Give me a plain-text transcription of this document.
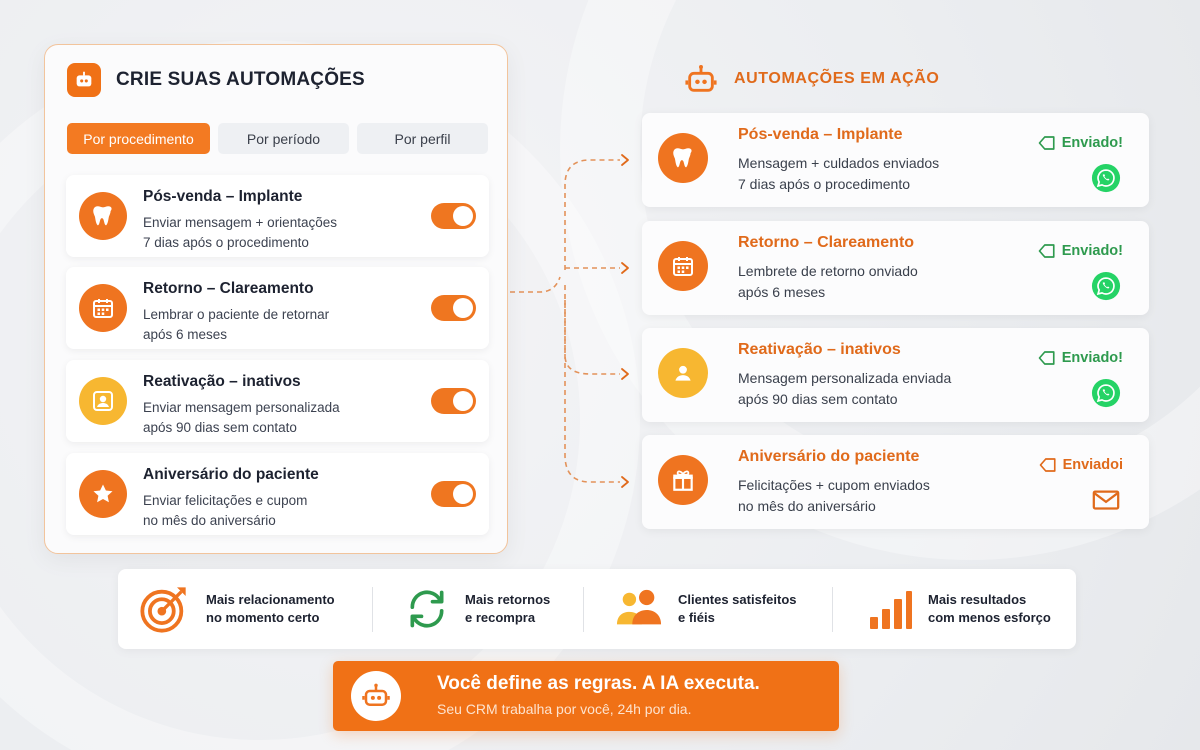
CRIE SUAS AUTOMAÇÕES
Por procedimento	Por período	Por perfil
Pós-venda – Implante
Enviar mensagem + orientações
7 dias após o procedimento
Retorno – Clareamento
Lembrar o paciente de retornar
após 6 meses
Reativação – inativos
Enviar mensagem personalizada
após 90 dias sem contato
Aniversário do paciente
Enviar felicitações e cupom
no mês do aniversário
AUTOMAÇÕES EM AÇÃO
Pós-venda – Implante
Mensagem + culdados enviados
7 dias após o procedimento
Enviado!
Retorno – Clareamento
Lembrete de retorno onviado
após 6 meses
Enviado!
Reativação – inativos
Mensagem personalizada enviada
após 90 dias sem contato
Enviado!
Aniversário do paciente
Felicitações + cupom enviados
no mês do aniversário
Enviadoi
Mais relacionamento
no momento certo
Mais retornos
e recompra
Clientes satisfeitos
e fiéis
Mais resultados
com menos esforço
Você define as regras. A IA executa.
Seu CRM trabalha por você, 24h por dia.
